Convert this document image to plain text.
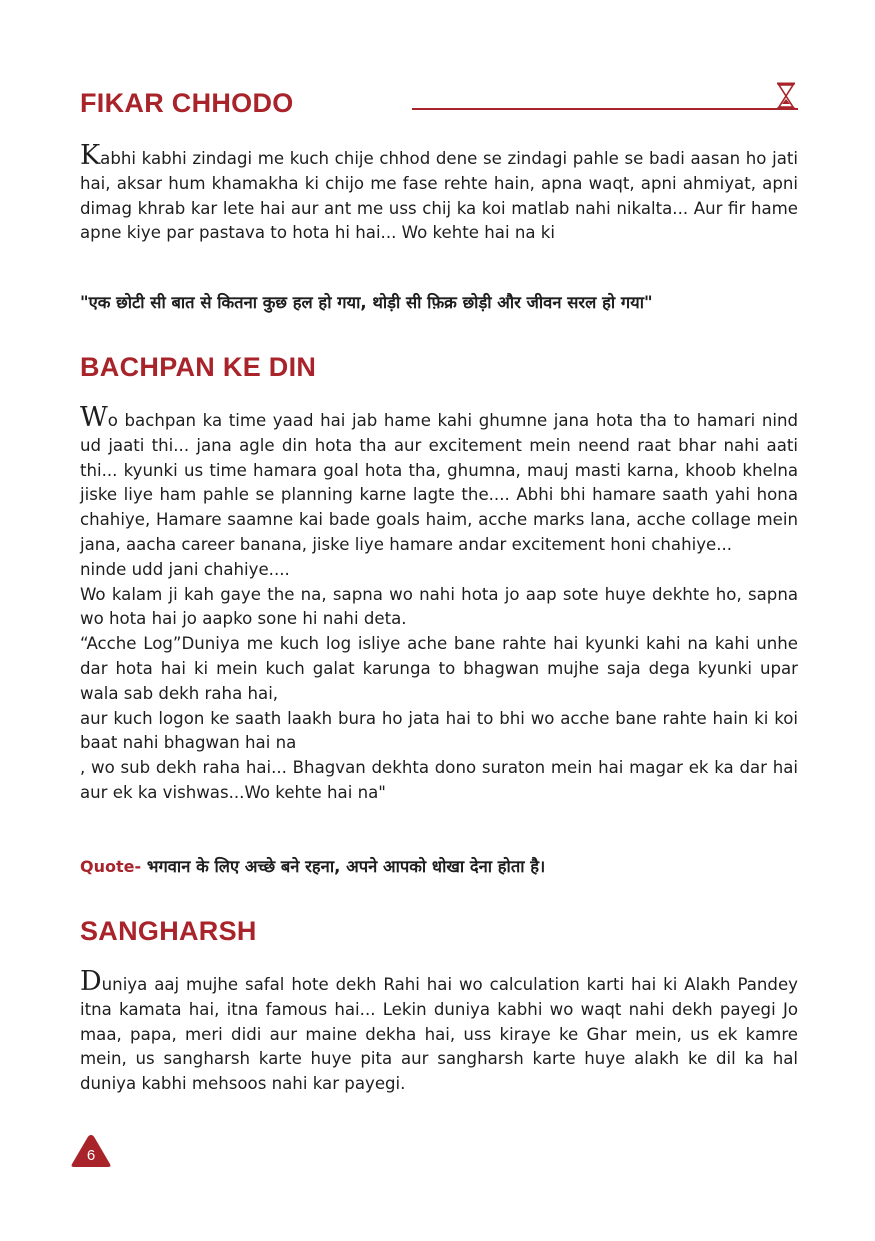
FIKAR CHHODO

Kabhi kabhi zindagi me kuch chije chhod dene se zindagi pahle se badi aasan ho jati hai, aksar hum khamakha ki chijo me fase rehte hain, apna waqt, apni ahmiyat, apni dimag khrab kar lete hai aur ant me uss chij ka koi matlab nahi nikalta... Aur fir hame apne kiye par pastava to hota hi hai... Wo kehte hai na ki

"एक छोटी सी बात से कितना कुछ हल हो गया, थोड़ी सी फ़िक्र छोड़ी और जीवन सरल हो गया"

BACHPAN KE DIN
Wo bachpan ka time yaad hai jab hame kahi ghumne jana hota tha to hamari nind ud jaati thi... jana agle din hota tha aur excitement mein neend raat bhar nahi aati thi... kyunki us time hamara goal hota tha, ghumna, mauj masti karna, khoob khelna jiske liye ham pahle se planning karne lagte the.... Abhi bhi hamare saath yahi hona chahiye, Hamare saamne kai bade goals haim, acche marks lana, acche collage mein jana, aacha career banana, jiske liye hamare andar excitement honi chahiye...
ninde udd jani chahiye....
Wo kalam ji kah gaye the na, sapna wo nahi hota jo aap sote huye dekhte ho, sapna wo hota hai jo aapko sone hi nahi deta.
“Acche Log”Duniya me kuch log isliye ache bane rahte hai kyunki kahi na kahi unhe dar hota hai ki mein kuch galat karunga to bhagwan mujhe saja dega kyunki upar wala sab dekh raha hai,
aur kuch logon ke saath laakh bura ho jata hai to bhi wo acche bane rahte hain ki koi baat nahi bhagwan hai na
, wo sub dekh raha hai... Bhagvan dekhta dono suraton mein hai magar ek ka dar hai aur ek ka vishwas...Wo kehte hai na"

Quote- भगवान के लिए अच्छे बने रहना, अपने आपको धोखा देना होता है।

SANGHARSH

Duniya aaj mujhe safal hote dekh Rahi hai wo calculation karti hai ki Alakh Pandey itna kamata hai, itna famous hai... Lekin duniya kabhi wo waqt nahi dekh payegi Jo maa, papa, meri didi aur maine dekha hai, uss kiraye ke Ghar mein, us ek kamre mein, us sangharsh karte huye pita aur sangharsh karte huye alakh ke dil ka hal duniya kabhi mehsoos nahi kar payegi.

6
